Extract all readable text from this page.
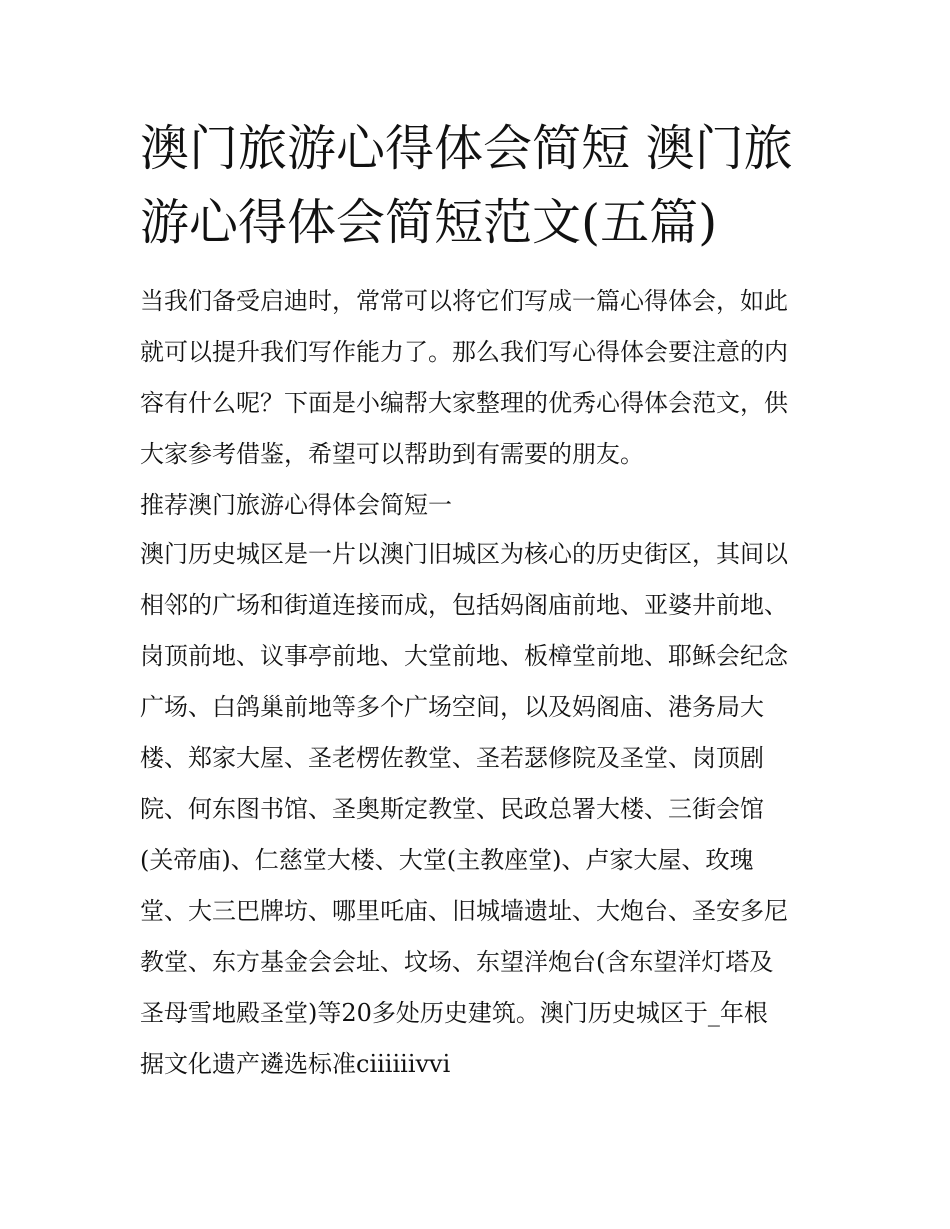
澳门旅游心得体会简短 澳门旅
游心得体会简短范文(五篇)
当我们备受启迪时，常常可以将它们写成一篇心得体会，如此
就可以提升我们写作能力了。那么我们写心得体会要注意的内
容有什么呢？下面是小编帮大家整理的优秀心得体会范文，供
大家参考借鉴，希望可以帮助到有需要的朋友。
推荐澳门旅游心得体会简短一
澳门历史城区是一片以澳门旧城区为核心的历史街区，其间以
相邻的广场和街道连接而成，包括妈阁庙前地、亚婆井前地、
岗顶前地、议事亭前地、大堂前地、板樟堂前地、耶稣会纪念
广场、白鸽巢前地等多个广场空间，以及妈阁庙、港务局大
楼、郑家大屋、圣老楞佐教堂、圣若瑟修院及圣堂、岗顶剧
院、何东图书馆、圣奥斯定教堂、民政总署大楼、三街会馆
(关帝庙)、仁慈堂大楼、大堂(主教座堂)、卢家大屋、玫瑰
堂、大三巴牌坊、哪里吒庙、旧城墙遗址、大炮台、圣安多尼
教堂、东方基金会会址、坟场、东望洋炮台(含东望洋灯塔及
圣母雪地殿圣堂)等20多处历史建筑。澳门历史城区于_年根
据文化遗产遴选标准ciiiiiivvi
